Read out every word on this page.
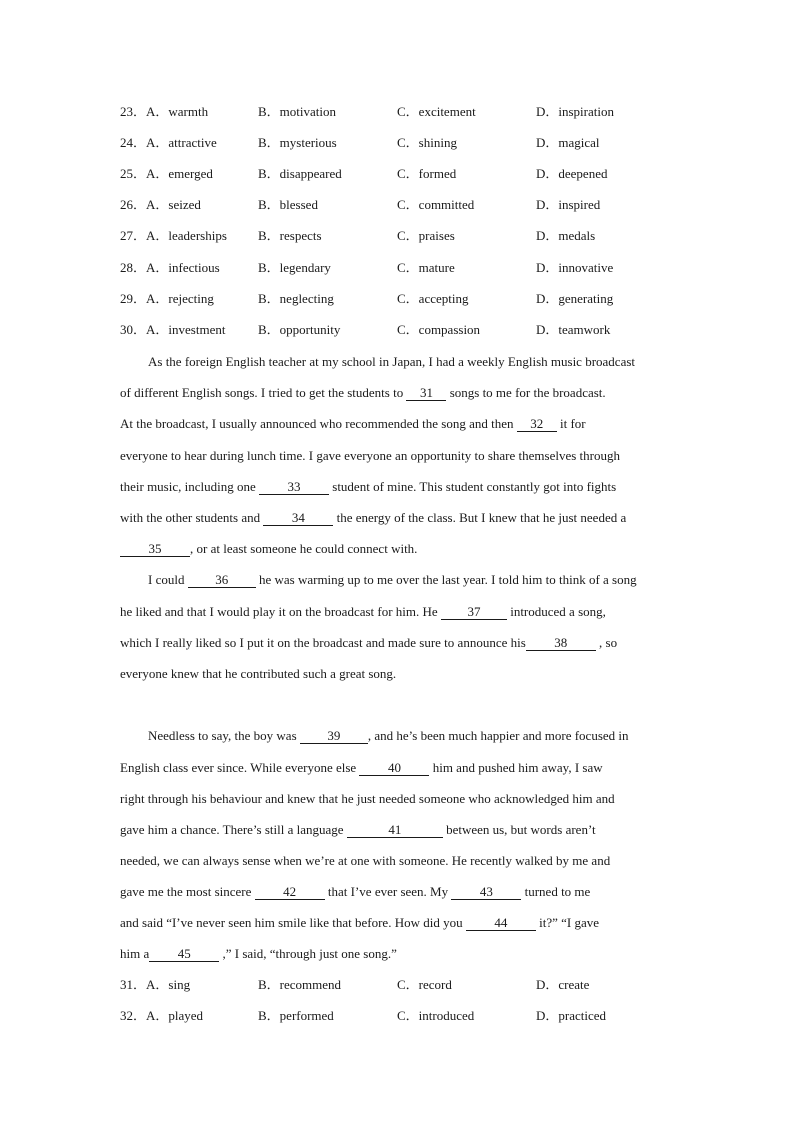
23．A．warmth	B．motivation	C．excitement	D．inspiration
24．A．attractive	B．mysterious	C．shining	D．magical
25．A．emerged	B．disappeared	C．formed	D．deepened
26．A．seized	B．blessed	C．committed	D．inspired
27．A．leaderships B．respects	C．praises	D．medals
28．A．infectious	B．legendary	C．mature	D．innovative
29．A．rejecting	B．neglecting	C．accepting	D．generating
30．A．investment	B．opportunity	C．compassion	D．teamwork
As the foreign English teacher at my school in Japan, I had a weekly English music broadcast
of different English songs. I tried to get the students to 31 songs to me for the broadcast.
At the broadcast, I usually announced who recommended the song and then 32 it for
everyone to hear during lunch time. I gave everyone an opportunity to share themselves through
their music, including one 33 student of mine. This student constantly got into fights
with the other students and 34 the energy of the class. But I knew that he just needed a
35 , or at least someone he could connect with.
I could 36 he was warming up to me over the last year. I told him to think of a song
he liked and that I would play it on the broadcast for him. He 37 introduced a song,
which I really liked so I put it on the broadcast and made sure to announce his 38 , so
everyone knew that he contributed such a great song.
Needless to say, the boy was 39 , and he’s been much happier and more focused in
English class ever since. While everyone else 40 him and pushed him away, I saw
right through his behaviour and knew that he just needed someone who acknowledged him and
gave him a chance. There’s still a language	41	between us, but words aren’t
needed, we can always sense when we’re at one with someone. He recently walked by me and
gave me the most sincere 42 that I’ve ever seen. My 43 turned to me
and said “I’ve never seen him smile like that before. How did you 44 it?” “I gave
him a 45 ,” I said, “through just one song.”
31．A．sing	B．recommend	C．record	D．create
32．A．played	B．performed	C．introduced	D．practiced
